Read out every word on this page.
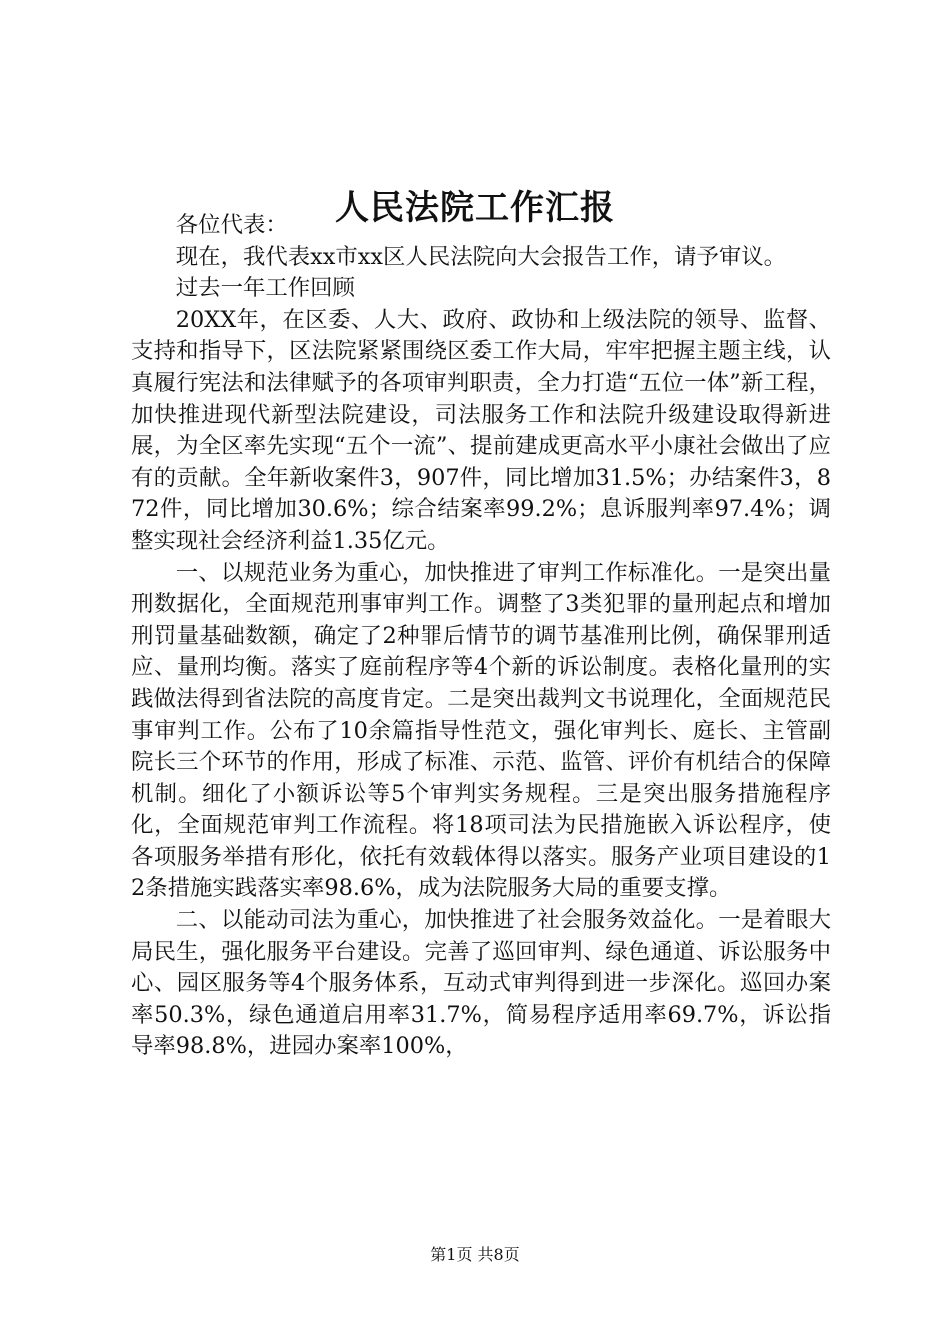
人民法院工作汇报

各位代表：

现在，我代表xx市xx区人民法院向大会报告工作，请予审议。

过去一年工作回顾

20XX年，在区委、人大、政府、政协和上级法院的领导、监督、支持和指导下，区法院紧紧围绕区委工作大局，牢牢把握主题主线，认真履行宪法和法律赋予的各项审判职责，全力打造“五位一体”新工程，加快推进现代新型法院建设，司法服务工作和法院升级建设取得新进展，为全区率先实现“五个一流”、提前建成更高水平小康社会做出了应有的贡献。全年新收案件3，907件，同比增加31.5%；办结案件3，872件，同比增加30.6%；综合结案率99.2%；息诉服判率97.4%；调整实现社会经济利益1.35亿元。

一、以规范业务为重心，加快推进了审判工作标准化。一是突出量刑数据化，全面规范刑事审判工作。调整了3类犯罪的量刑起点和增加刑罚量基础数额，确定了2种罪后情节的调节基准刑比例，确保罪刑适应、量刑均衡。落实了庭前程序等4个新的诉讼制度。表格化量刑的实践做法得到省法院的高度肯定。二是突出裁判文书说理化，全面规范民事审判工作。公布了10余篇指导性范文，强化审判长、庭长、主管副院长三个环节的作用，形成了标准、示范、监管、评价有机结合的保障机制。细化了小额诉讼等5个审判实务规程。三是突出服务措施程序化，全面规范审判工作流程。将18项司法为民措施嵌入诉讼程序，使各项服务举措有形化，依托有效载体得以落实。服务产业项目建设的12条措施实践落实率98.6%，成为法院服务大局的重要支撑。

二、以能动司法为重心，加快推进了社会服务效益化。一是着眼大局民生，强化服务平台建设。完善了巡回审判、绿色通道、诉讼服务中心、园区服务等4个服务体系，互动式审判得到进一步深化。巡回办案率50.3%，绿色通道启用率31.7%，简易程序适用率69.7%，诉讼指导率98.8%，进园办案率100%，

第1页 共8页
